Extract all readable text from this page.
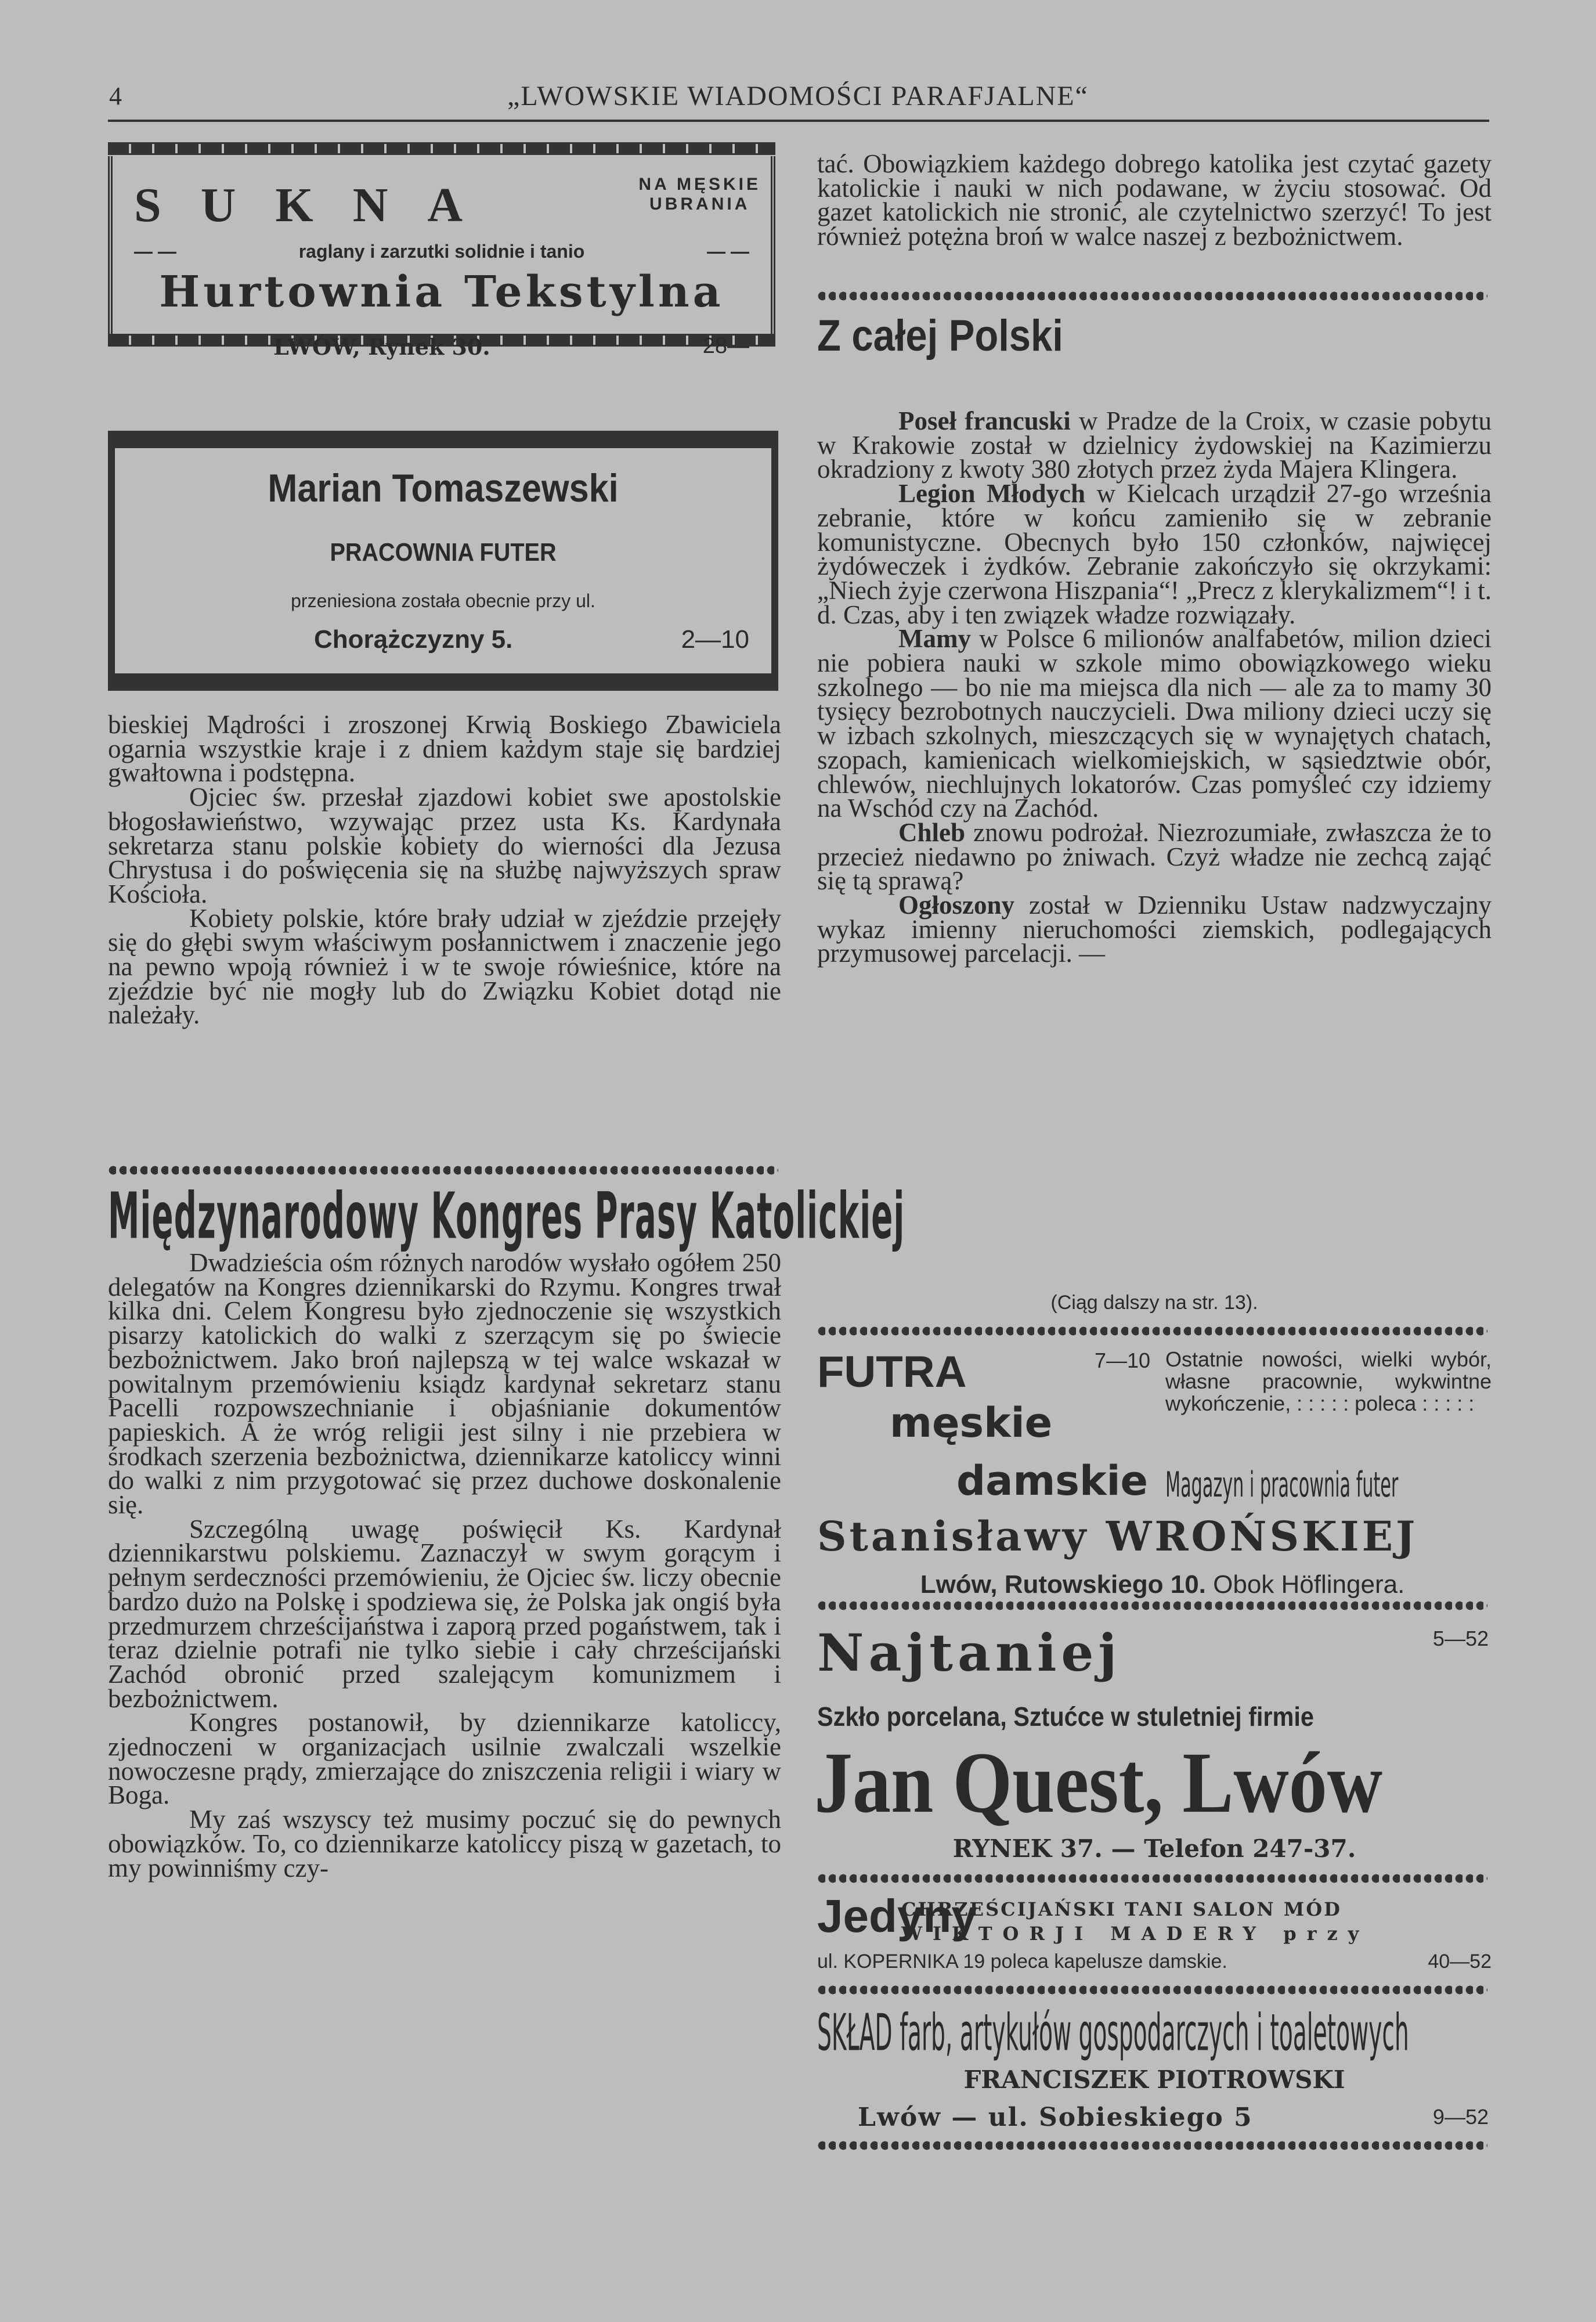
4	„LWOWSKIE WIADOMOŚCI PARAFJALNE“
SUKNA	NA MĘSKIE
UBRANIA
— —	raglany i zarzutki solidnie i tanio	— —
Hurtownia Tekstylna
LWÓW, Rynek 30.	28—
Marian Tomaszewski
PRACOWNIA FUTER
przeniesiona została obecnie przy ul.
Chorążczyzny 5.	2—10

bieskiej Mądrości i zroszonej Krwią Boskiego Zbawiciela ogarnia wszystkie kraje i z dniem każdym staje się bardziej gwałtowna i podstępna.

Ojciec św. przesłał zjazdowi kobiet swe apostolskie błogosławieństwo, wzywając przez usta Ks. Kardynała sekretarza stanu polskie kobiety do wierności dla Jezusa Chrystusa i do poświęcenia się na służbę najwyższych spraw Kościoła.

Kobiety polskie, które brały udział w zjeździe przejęły się do głębi swym właściwym posłannictwem i znaczenie jego na pewno wpoją również i w te swoje rówieśnice, które na zjeździe być nie mogły lub do Związku Kobiet dotąd nie należały.

Międzynarodowy Kongres Prasy Katolickiej

Dwadzieścia ośm różnych narodów wysłało ogółem 250 delegatów na Kongres dziennikarski do Rzymu. Kongres trwał kilka dni. Celem Kongresu było zjednoczenie się wszystkich pisarzy katolickich do walki z szerzącym się po świecie bezbożnictwem. Jako broń najlepszą w tej walce wskazał w powitalnym przemówieniu ksiądz kardynał sekretarz stanu Pacelli rozpowszechnianie i objaśnianie dokumentów papieskich. A że wróg religii jest silny i nie przebiera w środkach szerzenia bezbożnictwa, dziennikarze katoliccy winni do walki z nim przygotować się przez duchowe doskonalenie się.

Szczególną uwagę poświęcił Ks. Kardynał dziennikarstwu polskiemu. Zaznaczył w swym gorącym i pełnym serdeczności przemówieniu, że Ojciec św. liczy obecnie bardzo dużo na Polskę i spodziewa się, że Polska jak ongiś była przedmurzem chrześcijaństwa i zaporą przed pogaństwem, tak i teraz dzielnie potrafi nie tylko siebie i cały chrześcijański Zachód obronić przed szalejącym komunizmem i bezbożnictwem.

Kongres postanowił, by dziennikarze katoliccy, zjednoczeni w organizacjach usilnie zwalczali wszelkie nowoczesne prądy, zmierzające do zniszczenia religii i wiary w Boga.

My zaś wszyscy też musimy poczuć się do pewnych obowiązków. To, co dziennikarze katoliccy piszą w gazetach, to my powinniśmy czy-

tać. Obowiązkiem każdego dobrego katolika jest czytać gazety katolickie i nauki w nich podawane, w życiu stosować. Od gazet katolickich nie stronić, ale czytelnictwo szerzyć! To jest również potężna broń w walce naszej z bezbożnictwem.

Z całej Polski

Poseł francuski w Pradze de la Croix, w czasie pobytu w Krakowie został w dzielnicy żydowskiej na Kazimierzu okradziony z kwoty 380 złotych przez żyda Majera Klingera.

Legion Młodych w Kielcach urządził 27-go września zebranie, które w końcu zamieniło się w zebranie komunistyczne. Obecnych było 150 członków, najwięcej żydóweczek i żydków. Zebranie zakończyło się okrzykami: „Niech żyje czerwona Hiszpania“! „Precz z klerykalizmem“! i t. d. Czas, aby i ten związek władze rozwiązały.

Mamy w Polsce 6 milionów analfabetów, milion dzieci nie pobiera nauki w szkole mimo obowiązkowego wieku szkolnego — bo nie ma miejsca dla nich — ale za to mamy 30 tysięcy bezrobotnych nauczycieli. Dwa miliony dzieci uczy się w izbach szkolnych, mieszczących się w wynajętych chatach, szopach, kamienicach wielkomiejskich, w sąsiedztwie obór, chlewów, niechlujnych lokatorów. Czas pomyśleć czy idziemy na Wschód czy na Zachód.

Chleb znowu podrożał. Niezrozumiałe, zwłaszcza że to przecież niedawno po żniwach. Czyż władze nie zechcą zająć się tą sprawą?

Ogłoszony został w Dzienniku Ustaw nadzwyczajny wykaz imienny nieruchomości ziemskich, podlegających przymusowej parcelacji. —

(Ciąg dalszy na str. 13).
FUTRA
męskie
damskie
7—10 Ostatnie nowości, wielki wybór, własne pracownie, wykwintne wykończenie, : : : : : poleca : : : : :
Magazyn i pracownia futer
Stanisławy WROŃSKIEJ
Lwów, Rutowskiego 10. Obok Höflingera.
Najtaniej	5—52
Szkło porcelana, Sztućce w stuletniej firmie
Jan Quest, Lwów
RYNEK 37. — Telefon 247-37.
Jedyny
CHRZEŚCIJAŃSKI TANI SALON MÓD
WIKTORJI MADERY przy
ul. KOPERNIKA 19 poleca kapelusze damskie.	40—52
SKŁAD farb, artykułów gospodarczych i toaletowych
FRANCISZEK PIOTROWSKI
Lwów — ul. Sobieskiego 5	9—52
